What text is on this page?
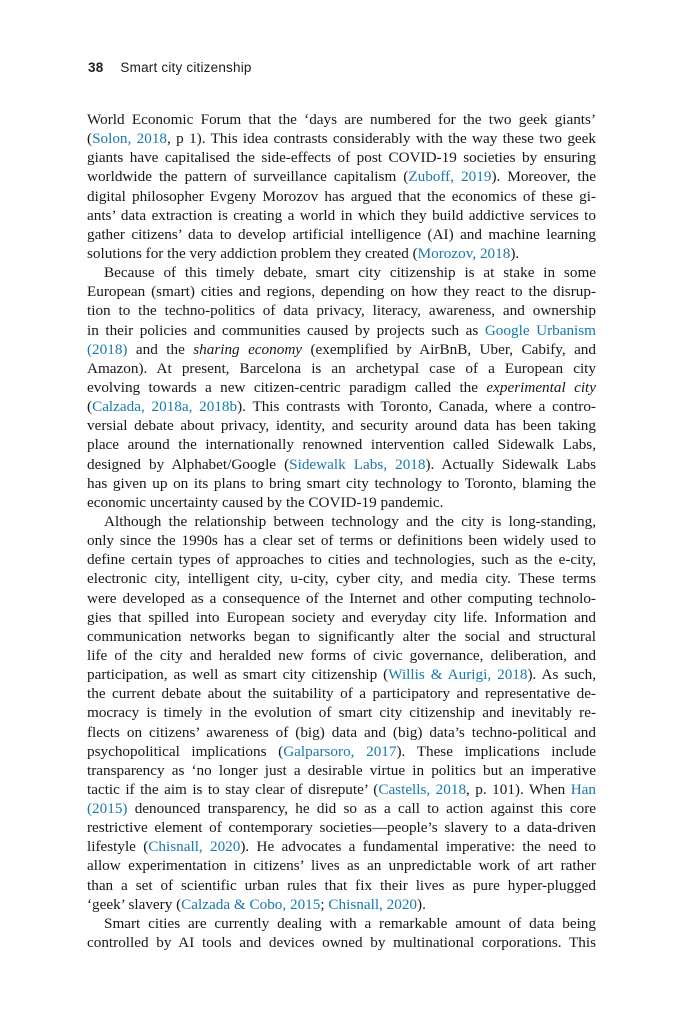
38 Smart city citizenship
World Economic Forum that the ‘days are numbered for the two geek giants’
(Solon, 2018, p 1). This idea contrasts considerably with the way these two geek
giants have capitalised the side-effects of post COVID-19 societies by ensuring
worldwide the pattern of surveillance capitalism (Zuboff, 2019). Moreover, the
digital philosopher Evgeny Morozov has argued that the economics of these gi-
ants’ data extraction is creating a world in which they build addictive services to
gather citizens’ data to develop artificial intelligence (AI) and machine learning
solutions for the very addiction problem they created (Morozov, 2018).
Because of this timely debate, smart city citizenship is at stake in some
European (smart) cities and regions, depending on how they react to the disrup-
tion to the techno-politics of data privacy, literacy, awareness, and ownership
in their policies and communities caused by projects such as Google Urbanism
(2018) and the sharing economy (exemplified by AirBnB, Uber, Cabify, and
Amazon). At present, Barcelona is an archetypal case of a European city
evolving towards a new citizen-centric paradigm called the experimental city
(Calzada, 2018a, 2018b). This contrasts with Toronto, Canada, where a contro-
versial debate about privacy, identity, and security around data has been taking
place around the internationally renowned intervention called Sidewalk Labs,
designed by Alphabet/Google (Sidewalk Labs, 2018). Actually Sidewalk Labs
has given up on its plans to bring smart city technology to Toronto, blaming the
economic uncertainty caused by the COVID-19 pandemic.
Although the relationship between technology and the city is long-standing,
only since the 1990s has a clear set of terms or definitions been widely used to
define certain types of approaches to cities and technologies, such as the e-city,
electronic city, intelligent city, u-city, cyber city, and media city. These terms
were developed as a consequence of the Internet and other computing technolo-
gies that spilled into European society and everyday city life. Information and
communication networks began to significantly alter the social and structural
life of the city and heralded new forms of civic governance, deliberation, and
participation, as well as smart city citizenship (Willis & Aurigi, 2018). As such,
the current debate about the suitability of a participatory and representative de-
mocracy is timely in the evolution of smart city citizenship and inevitably re-
flects on citizens’ awareness of (big) data and (big) data’s techno-political and
psychopolitical implications (Galparsoro, 2017). These implications include
transparency as ‘no longer just a desirable virtue in politics but an imperative
tactic if the aim is to stay clear of disrepute’ (Castells, 2018, p. 101). When Han
(2015) denounced transparency, he did so as a call to action against this core
restrictive element of contemporary societies—people’s slavery to a data-driven
lifestyle (Chisnall, 2020). He advocates a fundamental imperative: the need to
allow experimentation in citizens’ lives as an unpredictable work of art rather
than a set of scientific urban rules that fix their lives as pure hyper-plugged
‘geek’ slavery (Calzada & Cobo, 2015; Chisnall, 2020).
Smart cities are currently dealing with a remarkable amount of data being
controlled by AI tools and devices owned by multinational corporations. This
